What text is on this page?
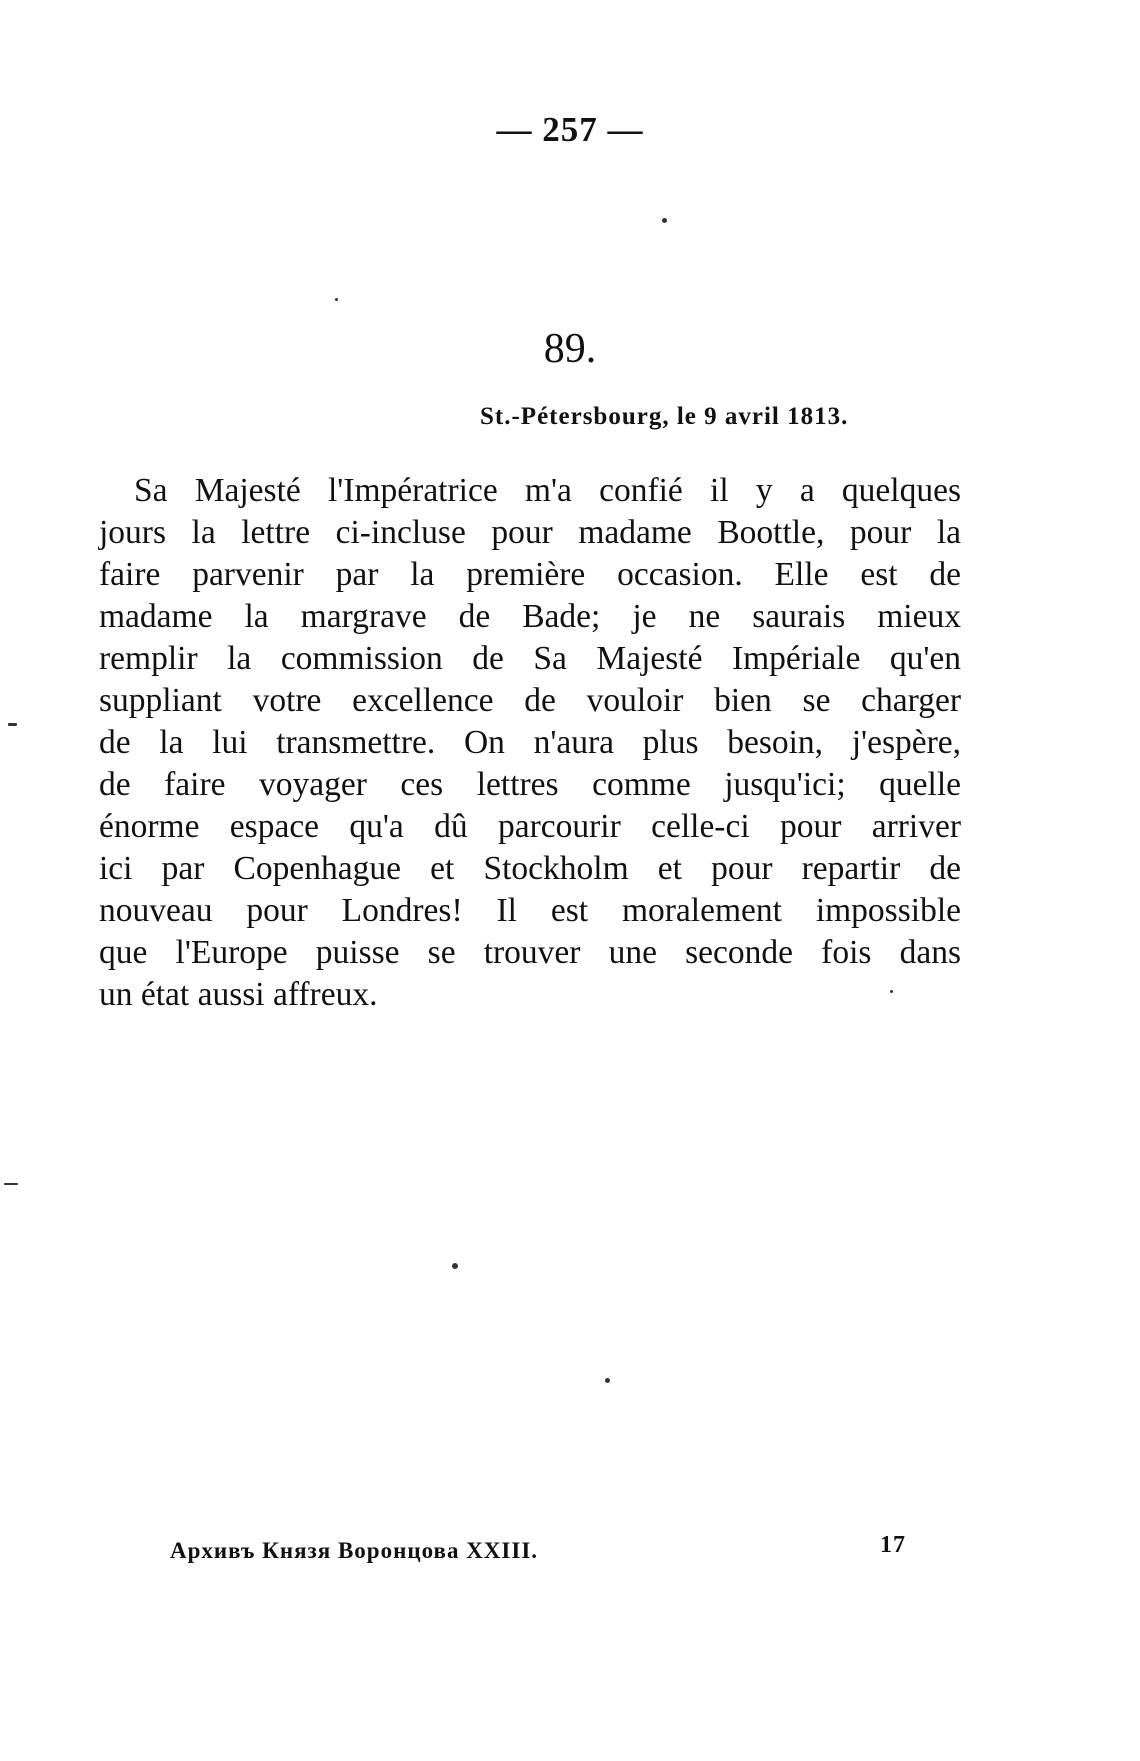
— 257 —
89.
St.-Pétersbourg, le 9 avril 1813.
Sa Majesté l'Impératrice m'a confié il y a quelques
jours la lettre ci-incluse pour madame Boottle, pour la
faire parvenir par la première occasion. Elle est de
madame la margrave de Bade; je ne saurais mieux
remplir la commission de Sa Majesté Impériale qu'en
suppliant votre excellence de vouloir bien se charger
de la lui transmettre. On n'aura plus besoin, j'espère,
de faire voyager ces lettres comme jusqu'ici; quelle
énorme espace qu'a dû parcourir celle-ci pour arriver
ici par Copenhague et Stockholm et pour repartir de
nouveau pour Londres! Il est moralement impossible
que l'Europe puisse se trouver une seconde fois dans
un état aussi affreux.
Архивъ Князя Воронцова XXIII.	17
